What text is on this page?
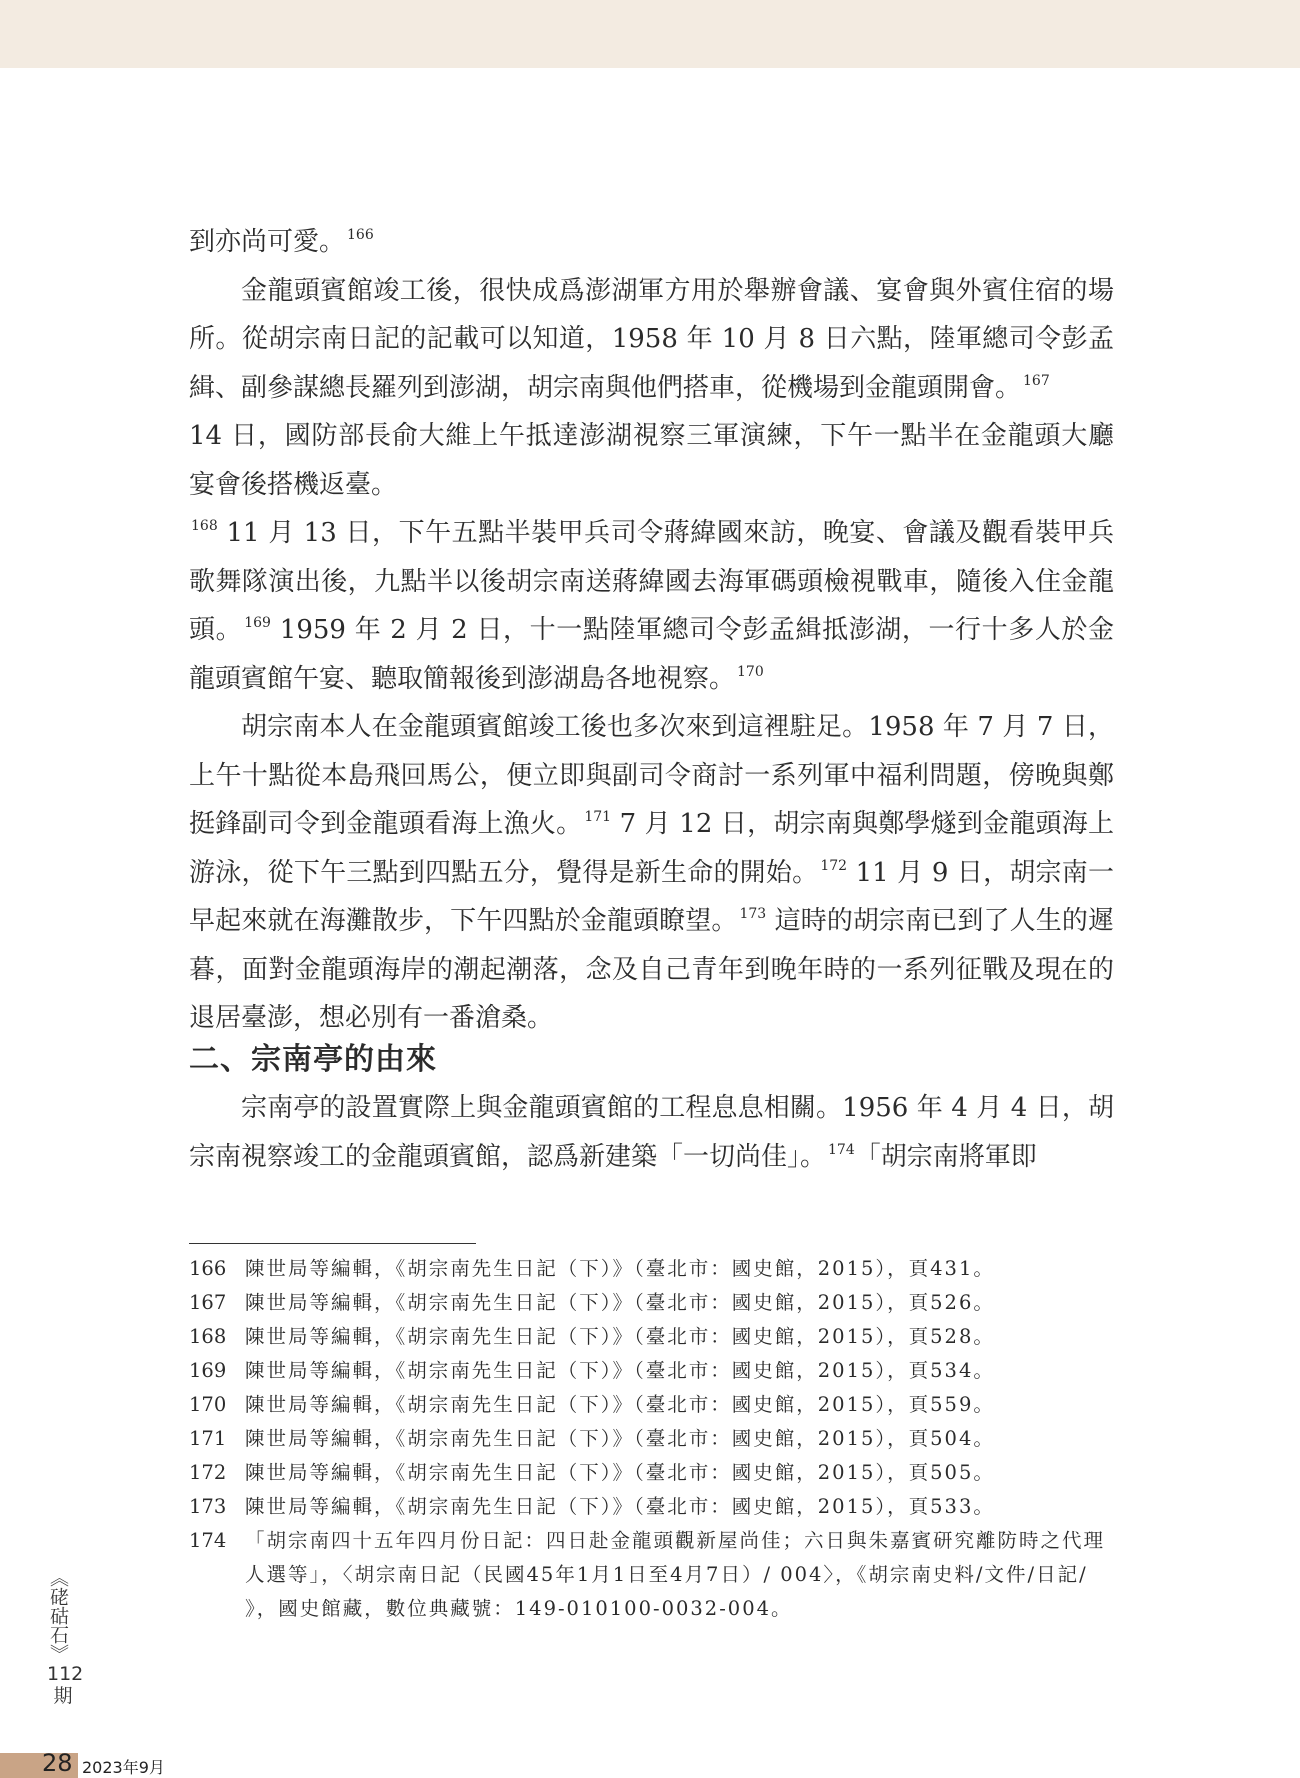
到亦尚可愛。 $^{166}$

金龍頭賓館竣工後，很快成爲澎湖軍方用於舉辦會議、宴會與外賓住宿的場所。從胡宗南日記的記載可以知道，1958 年 10 月 8 日六點，陸軍總司令彭孟緝、副參謀總長羅列到澎湖，胡宗南與他們搭車，從機場到金龍頭開會。 $^{167}$
14 日，國防部長俞大維上午抵達澎湖視察三軍演練，下午一點半在金龍頭大廳宴會後搭機返臺。$^{168}$ 11 月 13 日，下午五點半裝甲兵司令蔣緯國來訪，晚宴、會議及觀看裝甲兵歌舞隊演出後，九點半以後胡宗南送蔣緯國去海軍碼頭檢視戰車，隨後入住金龍頭。 $^{169}$ 1959 年 2 月 2 日，十一點陸軍總司令彭孟緝抵澎湖，一行十多人於金龍頭賓館午宴、聽取簡報後到澎湖島各地視察。 $^{170}$

胡宗南本人在金龍頭賓館竣工後也多次來到這裡駐足。1958 年 7 月 7 日，上午十點從本島飛回馬公，便立即與副司令商討一系列軍中福利問題，傍晚與鄭挺鋒副司令到金龍頭看海上漁火。 $^{171}$ 7 月 12 日，胡宗南與鄭學燧到金龍頭海上游泳，從下午三點到四點五分，覺得是新生命的開始。 $^{172}$ 11 月 9 日，胡宗南一早起來就在海灘散步，下午四點於金龍頭瞭望。 $^{173}$ 這時的胡宗南已到了人生的遲暮，面對金龍頭海岸的潮起潮落，念及自己青年到晚年時的一系列征戰及現在的退居臺澎，想必別有一番滄桑。

二、宗南亭的由來

宗南亭的設置實際上與金龍頭賓館的工程息息相關。1956 年 4 月 4 日，胡宗南視察竣工的金龍頭賓館，認爲新建築「一切尚佳」。 $^{174}$「胡宗南將軍即

166 陳世局等編輯，《胡宗南先生日記（下）》（臺北市：國史館，2015），頁431。
167 陳世局等編輯，《胡宗南先生日記（下）》（臺北市：國史館，2015），頁526。
168 陳世局等編輯，《胡宗南先生日記（下）》（臺北市：國史館，2015），頁528。
169 陳世局等編輯，《胡宗南先生日記（下）》（臺北市：國史館，2015），頁534。
170 陳世局等編輯，《胡宗南先生日記（下）》（臺北市：國史館，2015），頁559。
171 陳世局等編輯，《胡宗南先生日記（下）》（臺北市：國史館，2015），頁504。
172 陳世局等編輯，《胡宗南先生日記（下）》（臺北市：國史館，2015），頁505。
173 陳世局等編輯，《胡宗南先生日記（下）》（臺北市：國史館，2015），頁533。
174 「胡宗南四十五年四月份日記：四日赴金龍頭觀新屋尚佳；六日與朱嘉賓研究離防時之代理
人選等」，〈胡宗南日記（民國45年1月1日至4月7日）/ 004〉，《胡宗南史料/文件/日記/
》，國史館藏，數位典藏號：149-010100-0032-004。
《硓𥑮石》
112期
28 2023年9月
